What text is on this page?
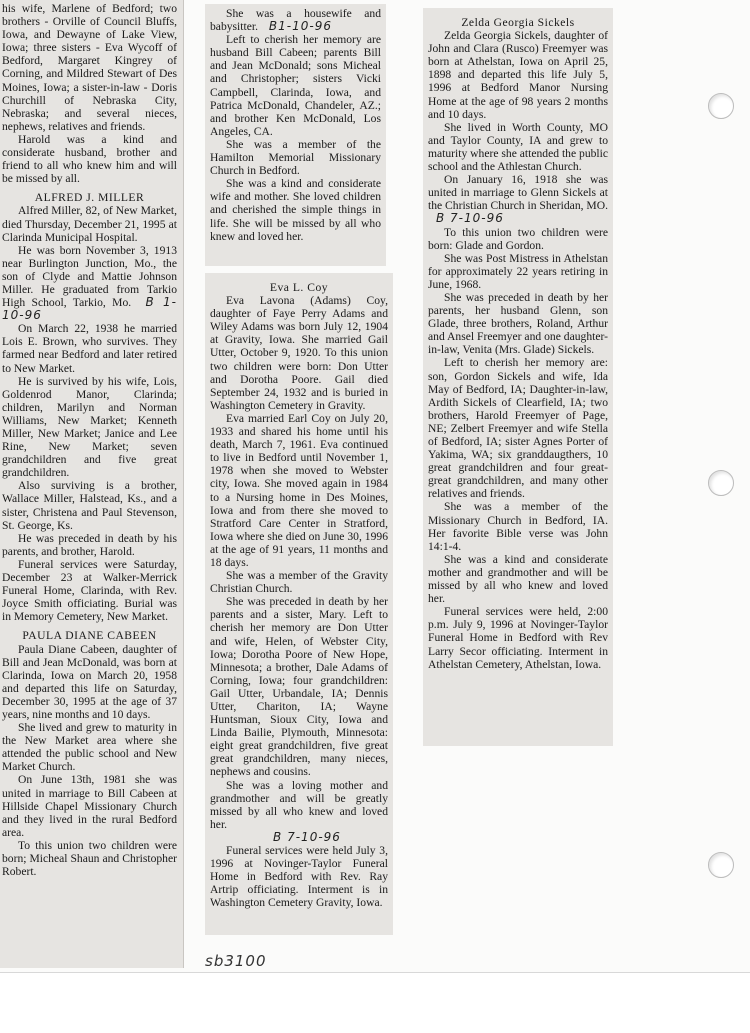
his wife, Marlene of Bedford; two brothers - Orville of Council Bluffs, Iowa, and Dewayne of Lake View, Iowa; three sisters - Eva Wycoff of Bedford, Margaret Kingrey of Corning, and Mildred Stewart of Des Moines, Iowa; a sister-in-law - Doris Churchill of Nebraska City, Nebraska; and several nieces, nephews, relatives and friends.

Harold was a kind and considerate husband, brother and friend to all who knew him and will be missed by all.

ALFRED J. MILLER

Alfred Miller, 82, of New Market, died Thursday, December 21, 1995 at Clarinda Municipal Hospital.

He was born November 3, 1913 near Burlington Junction, Mo., the son of Clyde and Mattie Johnson Miller. He graduated from Tarkio High School, Tarkio, Mo. B 1-10-96

On March 22, 1938 he married Lois E. Brown, who survives. They farmed near Bedford and later retired to New Market.

He is survived by his wife, Lois, Goldenrod Manor, Clarinda; children, Marilyn and Norman Williams, New Market; Kenneth Miller, New Market; Janice and Lee Rine, New Market; seven grandchildren and five great grandchildren.

Also surviving is a brother, Wallace Miller, Halstead, Ks., and a sister, Christena and Paul Stevenson, St. George, Ks.

He was preceded in death by his parents, and brother, Harold.

Funeral services were Saturday, December 23 at Walker-Merrick Funeral Home, Clarinda, with Rev. Joyce Smith officiating. Burial was in Memory Cemetery, New Market.

PAULA DIANE CABEEN

Paula Diane Cabeen, daughter of Bill and Jean McDonald, was born at Clarinda, Iowa on March 20, 1958 and departed this life on Saturday, December 30, 1995 at the age of 37 years, nine months and 10 days.

She lived and grew to maturity in the New Market area where she attended the public school and New Market Church.

On June 13th, 1981 she was united in marriage to Bill Cabeen at Hillside Chapel Missionary Church and they lived in the rural Bedford area.

To this union two children were born; Micheal Shaun and Christopher Robert.

She was a housewife and babysitter. B1-10-96

Left to cherish her memory are husband Bill Cabeen; parents Bill and Jean McDonald; sons Micheal and Christopher; sisters Vicki Campbell, Clarinda, Iowa, and Patrica McDonald, Chandeler, AZ.; and brother Ken McDonald, Los Angeles, CA.

She was a member of the Hamilton Memorial Missionary Church in Bedford.

She was a kind and considerate wife and mother. She loved children and cherished the simple things in life. She will be missed by all who knew and loved her.

Eva L. Coy

Eva Lavona (Adams) Coy, daughter of Faye Perry Adams and Wiley Adams was born July 12, 1904 at Gravity, Iowa. She married Gail Utter, October 9, 1920. To this union two children were born: Don Utter and Dorotha Poore. Gail died September 24, 1932 and is buried in Washington Cemetery in Gravity.

Eva married Earl Coy on July 20, 1933 and shared his home until his death, March 7, 1961. Eva continued to live in Bedford until November 1, 1978 when she moved to Webster city, Iowa. She moved again in 1984 to a Nursing home in Des Moines, Iowa and from there she moved to Stratford Care Center in Stratford, Iowa where she died on June 30, 1996 at the age of 91 years, 11 months and 18 days.

She was a member of the Gravity Christian Church.

She was preceded in death by her parents and a sister, Mary. Left to cherish her memory are Don Utter and wife, Helen, of Webster City, Iowa; Dorotha Poore of New Hope, Minnesota; a brother, Dale Adams of Corning, Iowa; four grandchildren: Gail Utter, Urbandale, IA; Dennis Utter, Chariton, IA; Wayne Huntsman, Sioux City, Iowa and Linda Bailie, Plymouth, Minnesota: eight great grandchildren, five great great grandchildren, many nieces, nephews and cousins.

She was a loving mother and grandmother and will be greatly missed by all who knew and loved her.

B 7-10-96

Funeral services were held July 3, 1996 at Novinger-Taylor Funeral Home in Bedford with Rev. Ray Artrip officiating. Interment is in Washington Cemetery Gravity, Iowa.

Zelda Georgia Sickels

Zelda Georgia Sickels, daughter of John and Clara (Rusco) Freemyer was born at Athelstan, Iowa on April 25, 1898 and departed this life July 5, 1996 at Bedford Manor Nursing Home at the age of 98 years 2 months and 10 days.

She lived in Worth County, MO and Taylor County, IA and grew to maturity where she attended the public school and the Athlestan Church.

On January 16, 1918 she was united in marriage to Glenn Sickels at the Christian Church in Sheridan, MO. B 7-10-96

To this union two children were born: Glade and Gordon.

She was Post Mistress in Athelstan for approximately 22 years retiring in June, 1968.

She was preceded in death by her parents, her husband Glenn, son Glade, three brothers, Roland, Arthur and Ansel Freemyer and one daughter-in-law, Venita (Mrs. Glade) Sickels.

Left to cherish her memory are: son, Gordon Sickels and wife, Ida May of Bedford, IA; Daughter-in-law, Ardith Sickels of Clearfield, IA; two brothers, Harold Freemyer of Page, NE; Zelbert Freemyer and wife Stella of Bedford, IA; sister Agnes Porter of Yakima, WA; six granddaugthers, 10 great grandchildren and four great-great grandchildren, and many other relatives and friends.

She was a member of the Missionary Church in Bedford, IA. Her favorite Bible verse was John 14:1-4.

She was a kind and considerate mother and grandmother and will be missed by all who knew and loved her.

Funeral services were held, 2:00 p.m. July 9, 1996 at Novinger-Taylor Funeral Home in Bedford with Rev Larry Secor officiating. Interment in Athelstan Cemetery, Athelstan, Iowa.

sb3100
